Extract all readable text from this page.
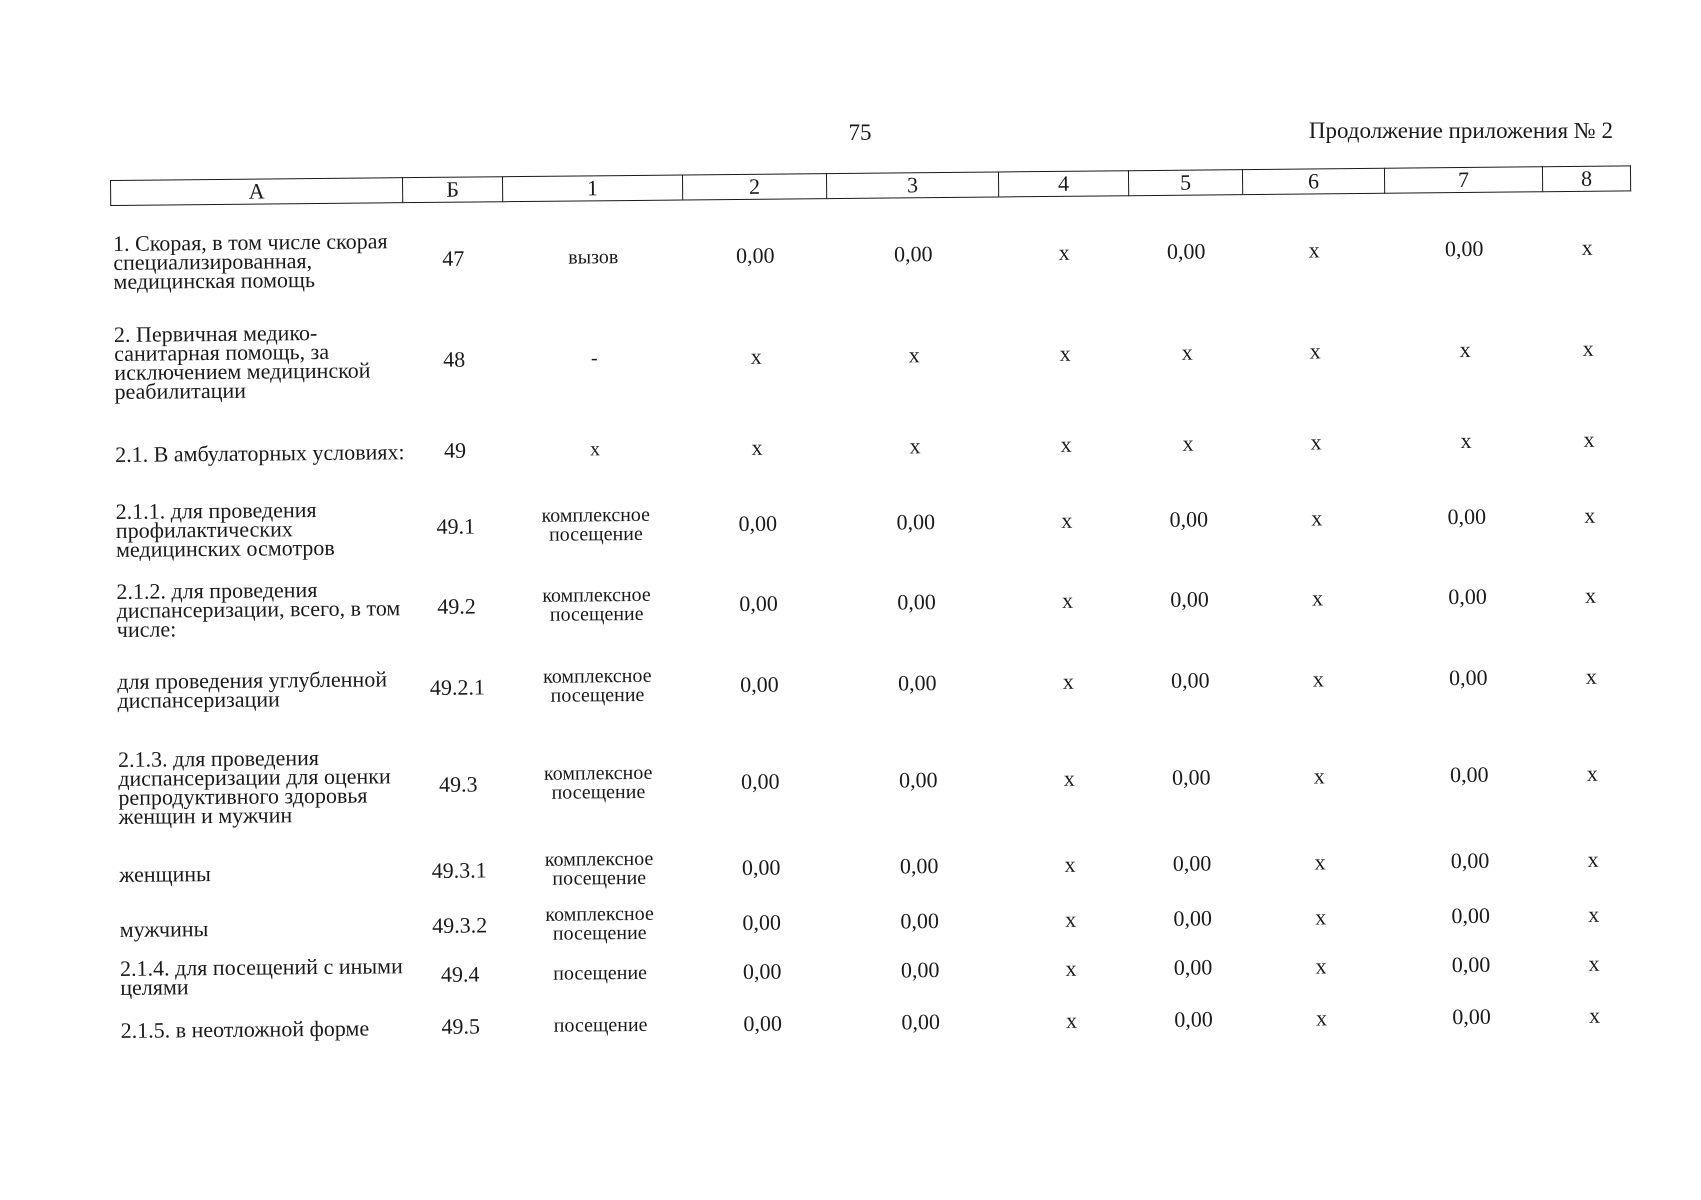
75	Продолжение приложения № 2
А	Б	1	2	3	4	5	6	7	8

1. Скорая, в том числе скорая специализированная, медицинская помощь	47	вызов	0,00	0,00	х	0,00	х	0,00	х
2. Первичная медико-санитарная помощь, за исключением медицинской реабилитации	48	-	х	х	х	х	х	х	х
2.1. В амбулаторных условиях:	49	х	х	х	х	х	х	х	х
2.1.1. для проведения профилактических медицинских осмотров	49.1	комплексное посещение	0,00	0,00	х	0,00	х	0,00	х
2.1.2. для проведения диспансеризации, всего, в том числе:	49.2	комплексное посещение	0,00	0,00	х	0,00	х	0,00	х
для проведения углубленной диспансеризации	49.2.1	комплексное посещение	0,00	0,00	х	0,00	х	0,00	х
2.1.3. для проведения диспансеризации для оценки репродуктивного здоровья женщин и мужчин	49.3	комплексное посещение	0,00	0,00	х	0,00	х	0,00	х
женщины	49.3.1	комплексное посещение	0,00	0,00	х	0,00	х	0,00	х
мужчины	49.3.2	комплексное посещение	0,00	0,00	х	0,00	х	0,00	х
2.1.4. для посещений с иными целями	49.4	посещение	0,00	0,00	х	0,00	х	0,00	х
2.1.5. в неотложной форме	49.5	посещение	0,00	0,00	х	0,00	х	0,00	х
